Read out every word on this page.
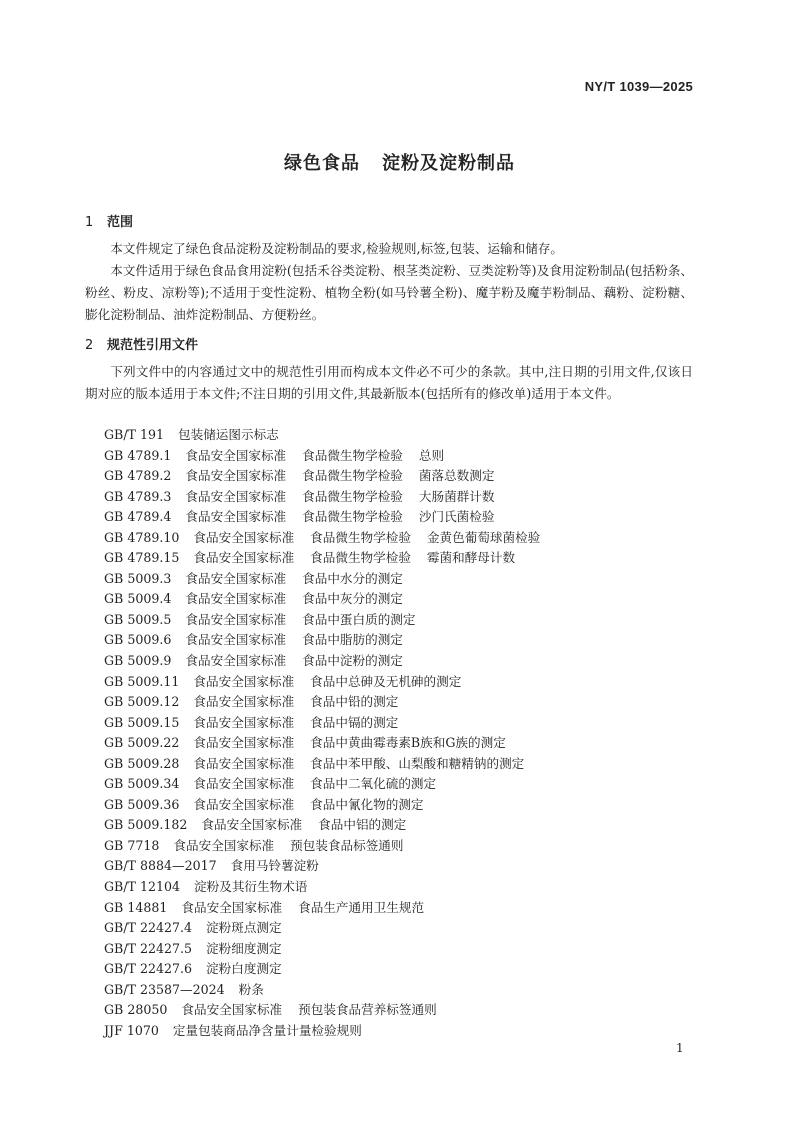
NY/T 1039—2025
绿色食品 淀粉及淀粉制品
1 范围

本文件规定了绿色食品淀粉及淀粉制品的要求,检验规则,标签,包装、运输和储存。

本文件适用于绿色食品食用淀粉(包括禾谷类淀粉、根茎类淀粉、豆类淀粉等)及食用淀粉制品(包括粉条、粉丝、粉皮、凉粉等);不适用于变性淀粉、植物全粉(如马铃薯全粉)、魔芋粉及魔芋粉制品、藕粉、淀粉糖、膨化淀粉制品、油炸淀粉制品、方便粉丝。

2 规范性引用文件

下列文件中的内容通过文中的规范性引用而构成本文件必不可少的条款。其中,注日期的引用文件,仅该日期对应的版本适用于本文件;不注日期的引用文件,其最新版本(包括所有的修改单)适用于本文件。

GB/T 191 包装储运图示标志
GB 4789.1 食品安全国家标准 食品微生物学检验 总则
GB 4789.2 食品安全国家标准 食品微生物学检验 菌落总数测定
GB 4789.3 食品安全国家标准 食品微生物学检验 大肠菌群计数
GB 4789.4 食品安全国家标准 食品微生物学检验 沙门氏菌检验
GB 4789.10 食品安全国家标准 食品微生物学检验 金黄色葡萄球菌检验
GB 4789.15 食品安全国家标准 食品微生物学检验 霉菌和酵母计数
GB 5009.3 食品安全国家标准 食品中水分的测定
GB 5009.4 食品安全国家标准 食品中灰分的测定
GB 5009.5 食品安全国家标准 食品中蛋白质的测定
GB 5009.6 食品安全国家标准 食品中脂肪的测定
GB 5009.9 食品安全国家标准 食品中淀粉的测定
GB 5009.11 食品安全国家标准 食品中总砷及无机砷的测定
GB 5009.12 食品安全国家标准 食品中铅的测定
GB 5009.15 食品安全国家标准 食品中镉的测定
GB 5009.22 食品安全国家标准 食品中黄曲霉毒素B族和G族的测定
GB 5009.28 食品安全国家标准 食品中苯甲酸、山梨酸和糖精钠的测定
GB 5009.34 食品安全国家标准 食品中二氧化硫的测定
GB 5009.36 食品安全国家标准 食品中氰化物的测定
GB 5009.182 食品安全国家标准 食品中铝的测定
GB 7718 食品安全国家标准 预包装食品标签通则
GB/T 8884—2017 食用马铃薯淀粉
GB/T 12104 淀粉及其衍生物术语
GB 14881 食品安全国家标准 食品生产通用卫生规范
GB/T 22427.4 淀粉斑点测定
GB/T 22427.5 淀粉细度测定
GB/T 22427.6 淀粉白度测定
GB/T 23587—2024 粉条
GB 28050 食品安全国家标准 预包装食品营养标签通则
JJF 1070 定量包装商品净含量计量检验规则
1
